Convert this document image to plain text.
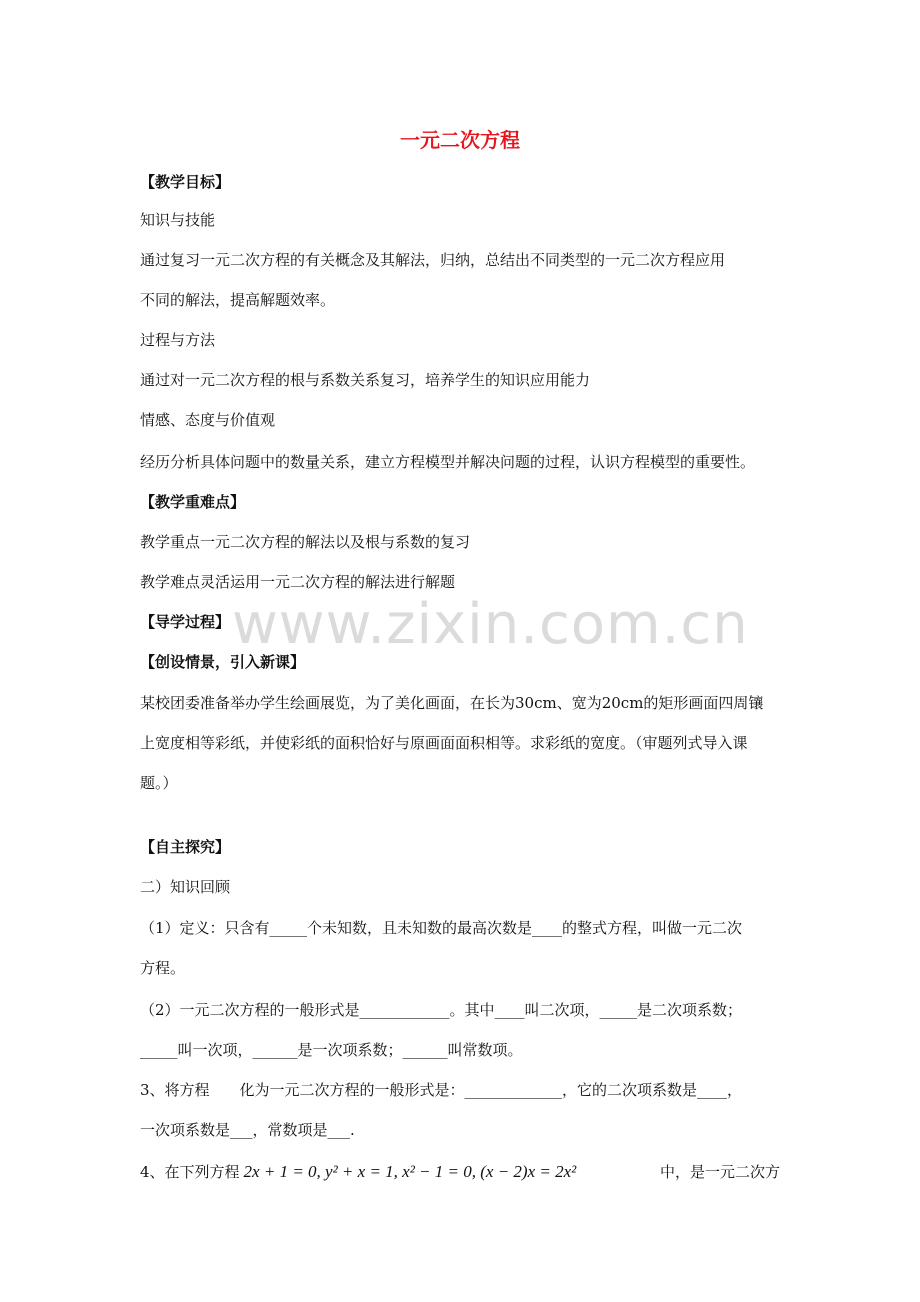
一元二次方程
【教学目标】
知识与技能
通过复习一元二次方程的有关概念及其解法，归纳，总结出不同类型的一元二次方程应用
不同的解法，提高解题效率。
过程与方法
通过对一元二次方程的根与系数关系复习，培养学生的知识应用能力
情感、态度与价值观
经历分析具体问题中的数量关系，建立方程模型并解决问题的过程，认识方程模型的重要性。
【教学重难点】
教学重点一元二次方程的解法以及根与系数的复习
教学难点灵活运用一元二次方程的解法进行解题
【导学过程】
【创设情景，引入新课】
某校团委准备举办学生绘画展览，为了美化画面，在长为30cm、宽为20cm的矩形画面四周镶
上宽度相等彩纸，并使彩纸的面积恰好与原画面面积相等。求彩纸的宽度。（审题列式导入课
题。）
【自主探究】
二）知识回顾
（1）定义：只含有_____个未知数，且未知数的最高次数是____的整式方程，叫做一元二次
方程。
（2）一元二次方程的一般形式是____________。其中____叫二次项，_____是二次项系数；
_____叫一次项，______是一次项系数；______叫常数项。
3、将方程　　化为一元二次方程的一般形式是：_____________，它的二次项系数是____，
一次项系数是___，常数项是___.
4、在下列方程 2x + 1 = 0, y² + x = 1, x² − 1 = 0, (x − 2)x = 2x²	中，是一元二次方
www.zixin.com.cn
